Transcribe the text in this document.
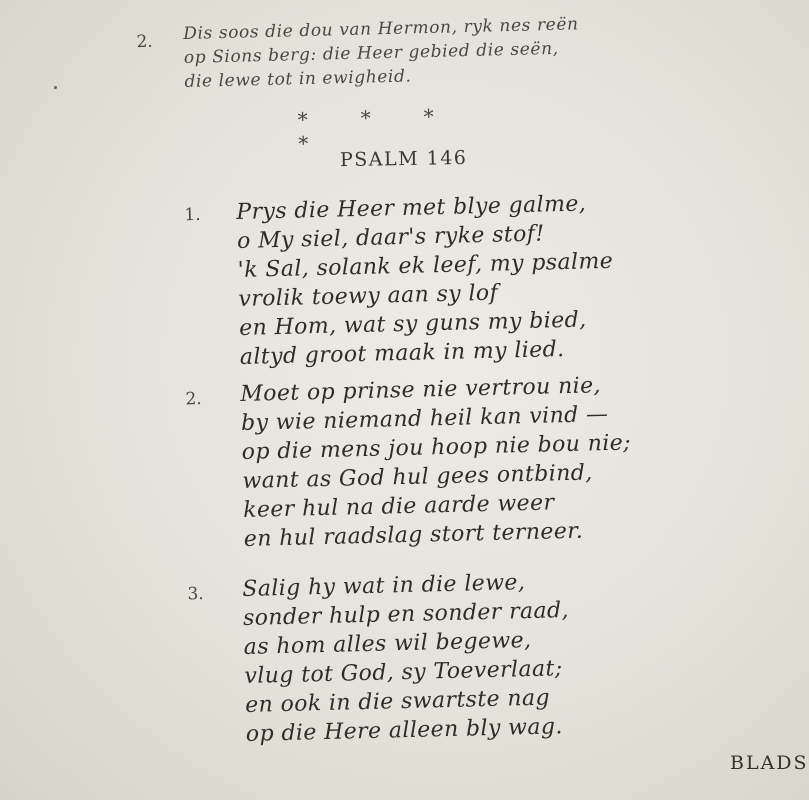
2. Dis soos die dou van Hermon, ryk nes reën
op Sions berg: die Heer gebied die seën,
die lewe tot in ewigheid.
*	*	**
PSALM 146
1. Prys die Heer met blye galme,
o My siel, daar's ryke stof!
'k Sal, solank ek leef, my psalme
vrolik toewy aan sy lof
en Hom, wat sy guns my bied,
altyd groot maak in my lied.
2. Moet op prinse nie vertrou nie,
by wie niemand heil kan vind —
op die mens jou hoop nie bou nie;
want as God hul gees ontbind,
keer hul na die aarde weer
en hul raadslag stort terneer.
3. Salig hy wat in die lewe,
sonder hulp en sonder raad,
as hom alles wil begewe,
vlug tot God, sy Toeverlaat;
en ook in die swartste nag
op die Here alleen bly wag.
BLADS
